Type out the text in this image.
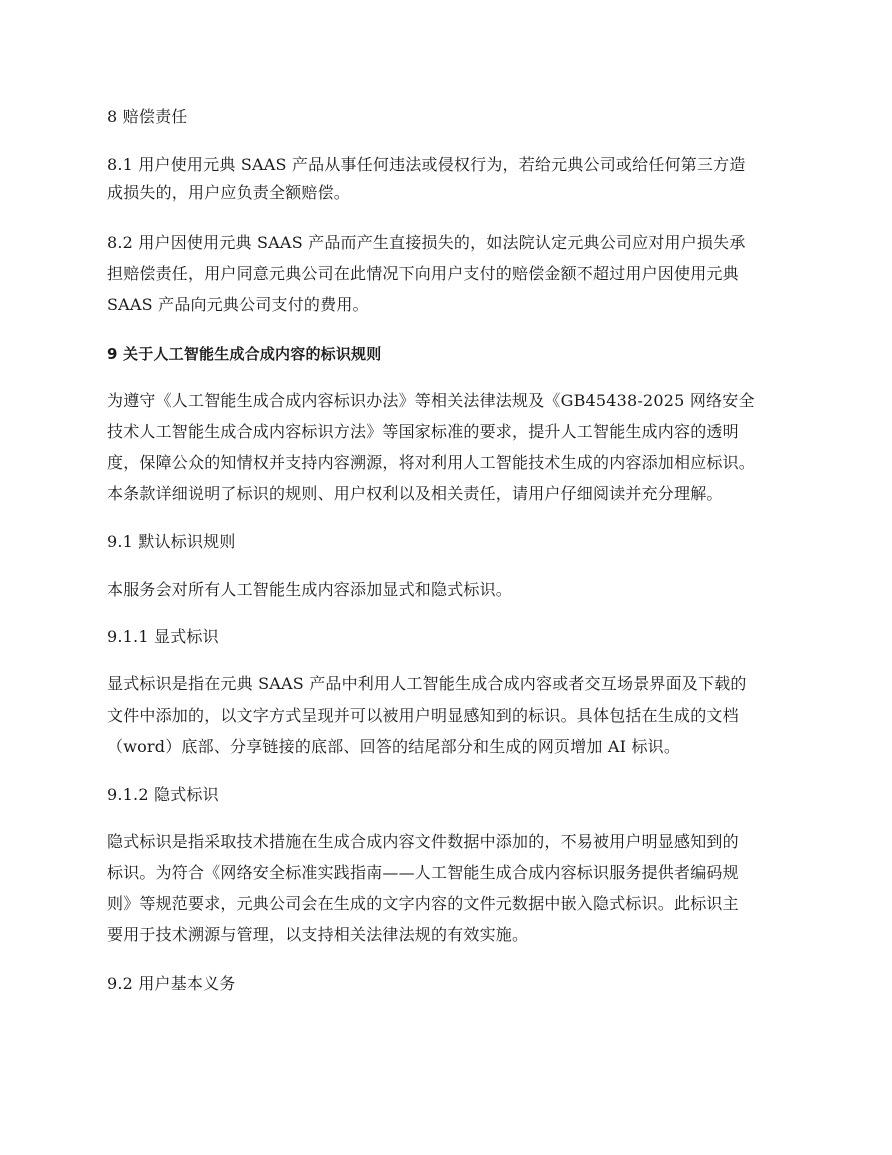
8 赔偿责任
8.1 用户使用元典 SAAS 产品从事任何违法或侵权行为，若给元典公司或给任何第三方造
成损失的，用户应负责全额赔偿。
8.2 用户因使用元典 SAAS 产品而产生直接损失的，如法院认定元典公司应对用户损失承
担赔偿责任，用户同意元典公司在此情况下向用户支付的赔偿金额不超过用户因使用元典
SAAS 产品向元典公司支付的费用。
9 关于人工智能生成合成内容的标识规则
为遵守《人工智能生成合成内容标识办法》等相关法律法规及《GB45438-2025 网络安全
技术人工智能生成合成内容标识方法》等国家标准的要求，提升人工智能生成内容的透明
度，保障公众的知情权并支持内容溯源，将对利用人工智能技术生成的内容添加相应标识。
本条款详细说明了标识的规则、用户权利以及相关责任，请用户仔细阅读并充分理解。
9.1 默认标识规则
本服务会对所有人工智能生成内容添加显式和隐式标识。
9.1.1 显式标识
显式标识是指在元典 SAAS 产品中利用人工智能生成合成内容或者交互场景界面及下载的
文件中添加的，以文字方式呈现并可以被用户明显感知到的标识。具体包括在生成的文档
（word）底部、分享链接的底部、回答的结尾部分和生成的网页增加 AI 标识。
9.1.2 隐式标识
隐式标识是指采取技术措施在生成合成内容文件数据中添加的，不易被用户明显感知到的
标识。为符合《网络安全标准实践指南——人工智能生成合成内容标识服务提供者编码规
则》等规范要求，元典公司会在生成的文字内容的文件元数据中嵌入隐式标识。此标识主
要用于技术溯源与管理，以支持相关法律法规的有效实施。
9.2 用户基本义务
